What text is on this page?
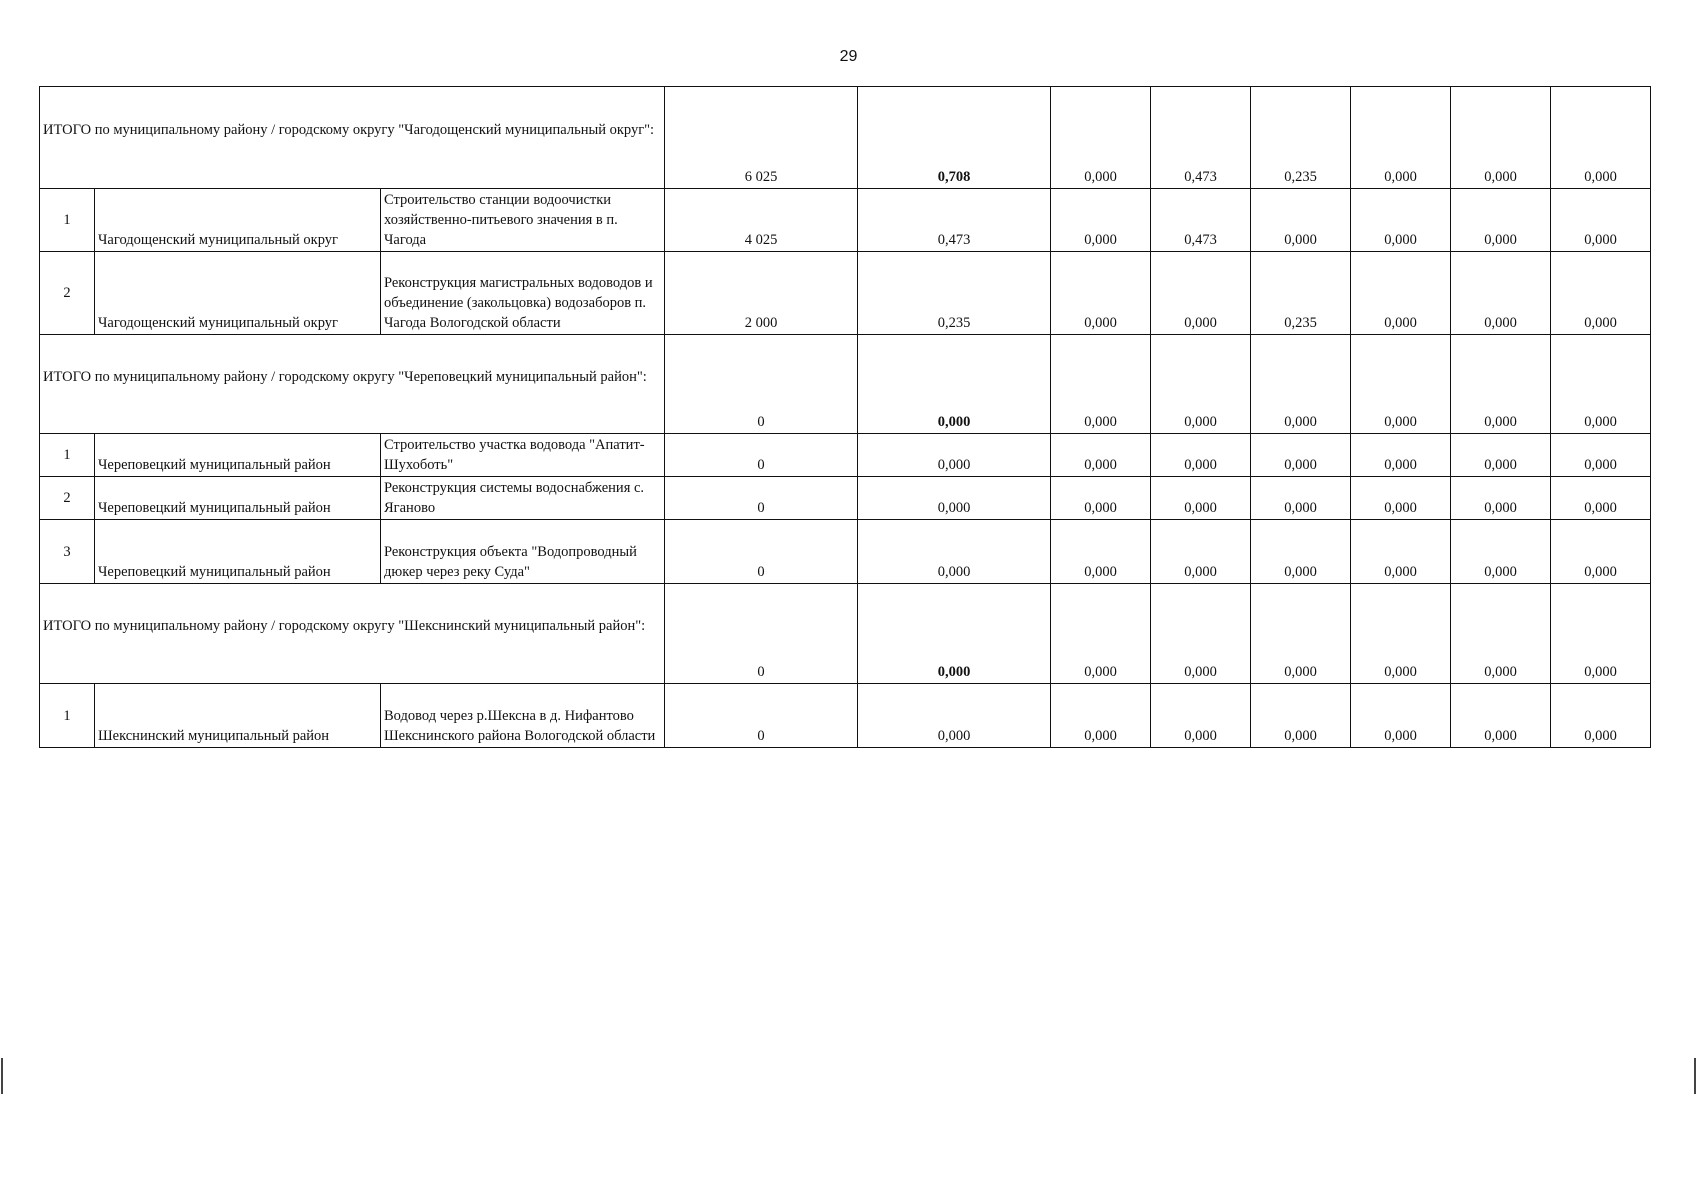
29
ИТОГО по муниципальному району / городскому округу "Чагодощенский муниципальный округ":			6 025	0,708	0,000	0,473	0,235	0,000	0,000	0,000
1	Чагодощенский муниципальный округ	Строительство станции водоочистки хозяйственно-питьевого значения в п. Чагода	4 025	0,473	0,000	0,473	0,000	0,000	0,000	0,000
2	Чагодощенский муниципальный округ	Реконструкция магистральных водоводов и объединение (закольцовка) водозаборов п. Чагода Вологодской области	2 000	0,235	0,000	0,000	0,235	0,000	0,000	0,000
ИТОГО по муниципальному району / городскому округу "Череповецкий муниципальный район":			0	0,000	0,000	0,000	0,000	0,000	0,000	0,000
1	Череповецкий муниципальный район	Строительство участка водовода "Апатит-Шухоботь"	0	0,000	0,000	0,000	0,000	0,000	0,000	0,000
2	Череповецкий муниципальный район	Реконструкция системы водоснабжения с. Ягановo	0	0,000	0,000	0,000	0,000	0,000	0,000	0,000
3	Череповецкий муниципальный район	Реконструкция объекта "Водопроводный дюкер через реку Суда"	0	0,000	0,000	0,000	0,000	0,000	0,000	0,000
ИТОГО по муниципальному району / городскому округу "Шекснинский муниципальный район":			0	0,000	0,000	0,000	0,000	0,000	0,000	0,000
1	Шекснинский муниципальный район	Водовод через р.Шексна в д. Нифантово Шекснинского района Вологодской области	0	0,000	0,000	0,000	0,000	0,000	0,000	0,000
